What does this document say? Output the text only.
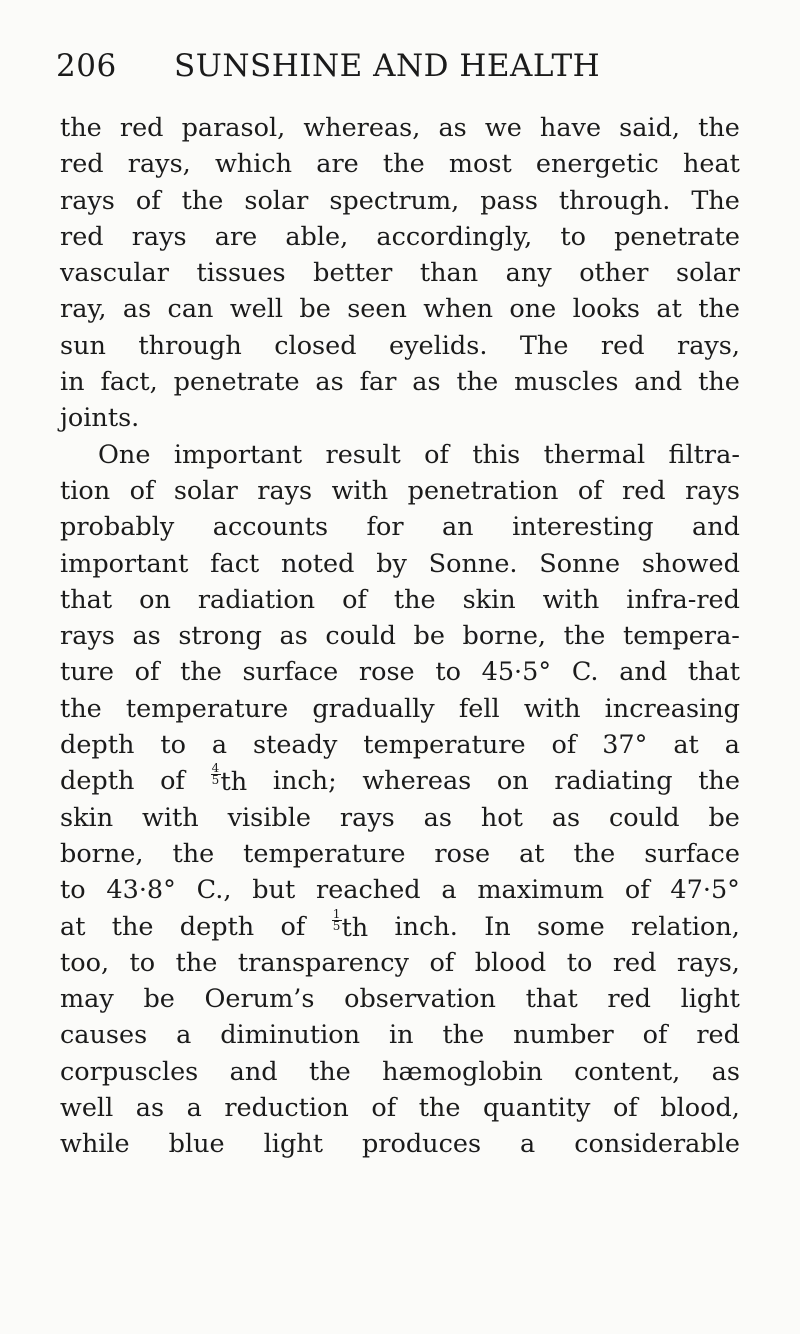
206 SUNSHINE AND HEALTH
the red parasol, whereas, as we have said, the
red rays, which are the most energetic heat
rays of the solar spectrum, pass through. The
red rays are able, accordingly, to penetrate
vascular tissues better than any other solar
ray, as can well be seen when one looks at the
sun through closed eyelids. The red rays,
in fact, penetrate as far as the muscles and the
joints.
One important result of this thermal filtra-
tion of solar rays with penetration of red rays
probably accounts for an interesting and
important fact noted by Sonne. Sonne showed
that on radiation of the skin with infra-red
rays as strong as could be borne, the tempera-
ture of the surface rose to 45·5° C. and that
the temperature gradually fell with increasing
depth to a steady temperature of 37° at a
depth of $\frac{4}{5}$ th inch; whereas on radiating the
skin with visible rays as hot as could be
borne, the temperature rose at the surface
to 43·8° C., but reached a maximum of 47·5°
at the depth of $\frac{1}{5}$ th inch. In some relation,
too, to the transparency of blood to red rays,
may be Oerum’s observation that red light
causes a diminution in the number of red
corpuscles and the hæmoglobin content, as
well as a reduction of the quantity of blood,
while blue light produces a considerable
